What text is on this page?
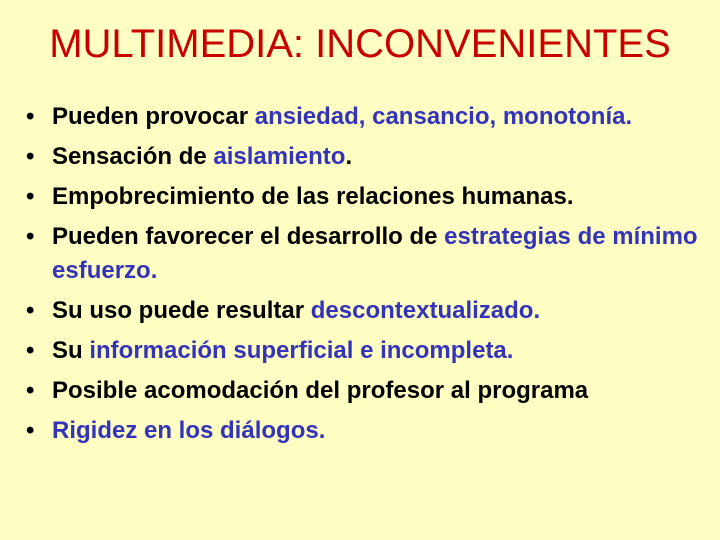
MULTIMEDIA: INCONVENIENTES
• Pueden provocar ansiedad, cansancio, monotonía.
• Sensación de aislamiento.
• Empobrecimiento de las relaciones humanas.
• Pueden favorecer el desarrollo de estrategias de mínimo esfuerzo.
• Su uso puede resultar descontextualizado.
• Su información superficial e incompleta.
• Posible acomodación del profesor al programa
• Rigidez en los diálogos.
